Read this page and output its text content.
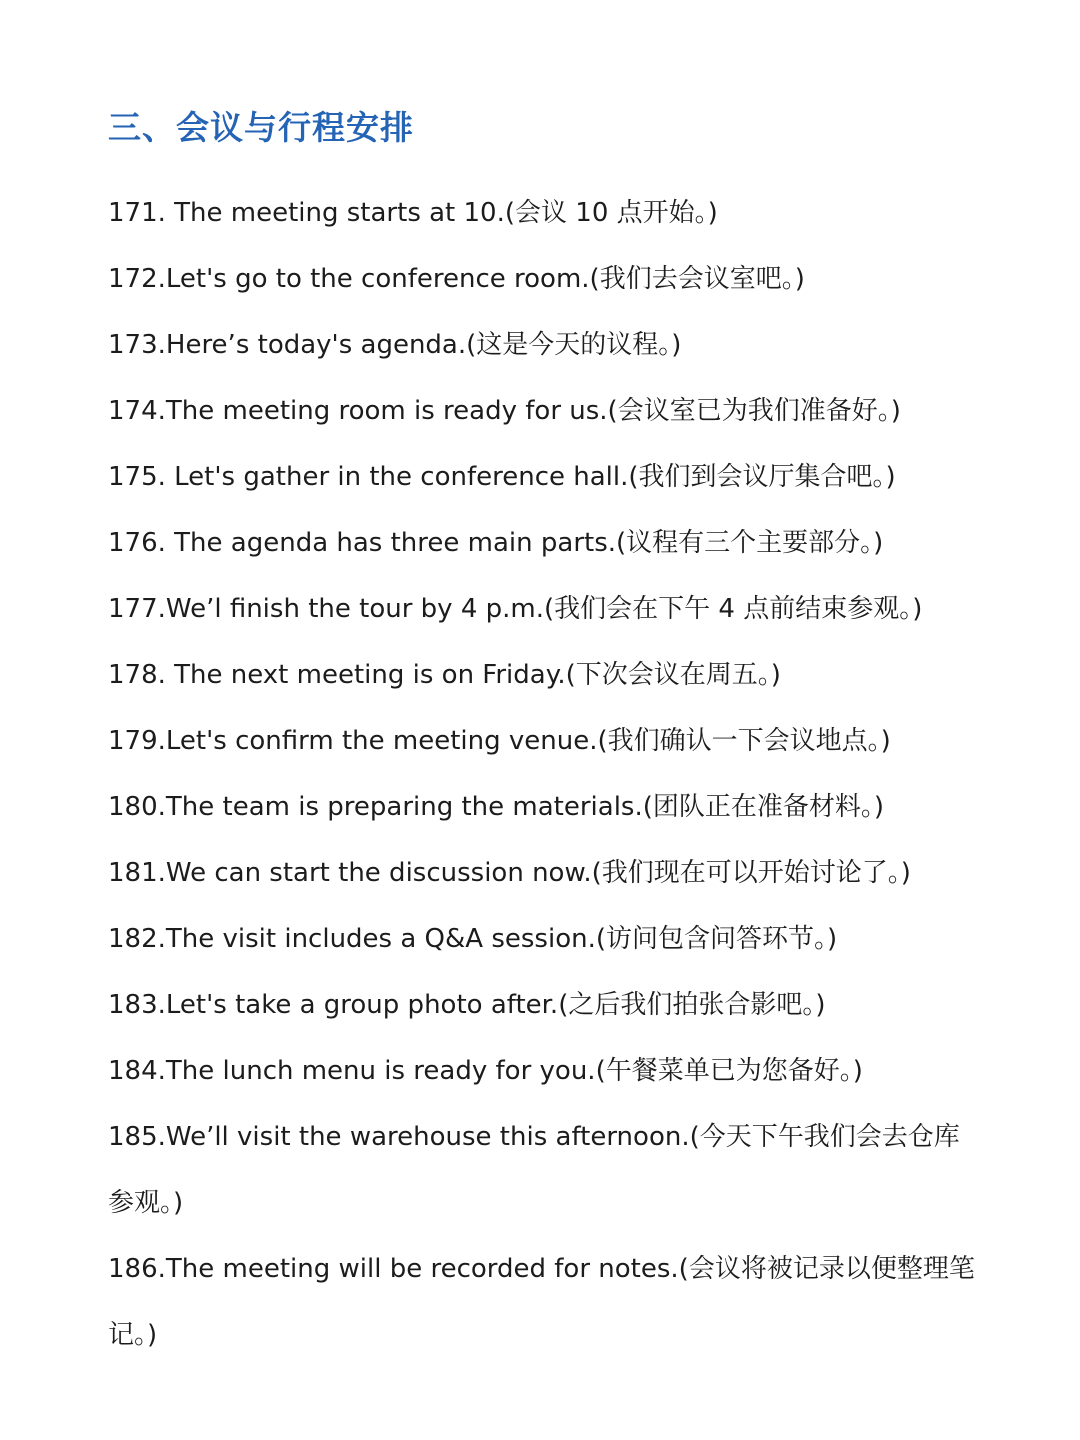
三、会议与行程安排
171. The meeting starts at 10.(会议 10 点开始。)
172.Let's go to the conference room.(我们去会议室吧。)
173.Here’s today's agenda.(这是今天的议程。)
174.The meeting room is ready for us.(会议室已为我们准备好。)
175. Let's gather in the conference hall.(我们到会议厅集合吧。)
176. The agenda has three main parts.(议程有三个主要部分。)
177.We’l finish the tour by 4 p.m.(我们会在下午 4 点前结束参观。)
178. The next meeting is on Friday.(下次会议在周五。)
179.Let's confirm the meeting venue.(我们确认一下会议地点。)
180.The team is preparing the materials.(团队正在准备材料。)
181.We can start the discussion now.(我们现在可以开始讨论了。)
182.The visit includes a Q&A session.(访问包含问答环节。)
183.Let's take a group photo after.(之后我们拍张合影吧。)
184.The lunch menu is ready for you.(午餐菜单已为您备好。)
185.We’ll visit the warehouse this afternoon.(今天下午我们会去仓库参观。)
186.The meeting will be recorded for notes.(会议将被记录以便整理笔记。)
